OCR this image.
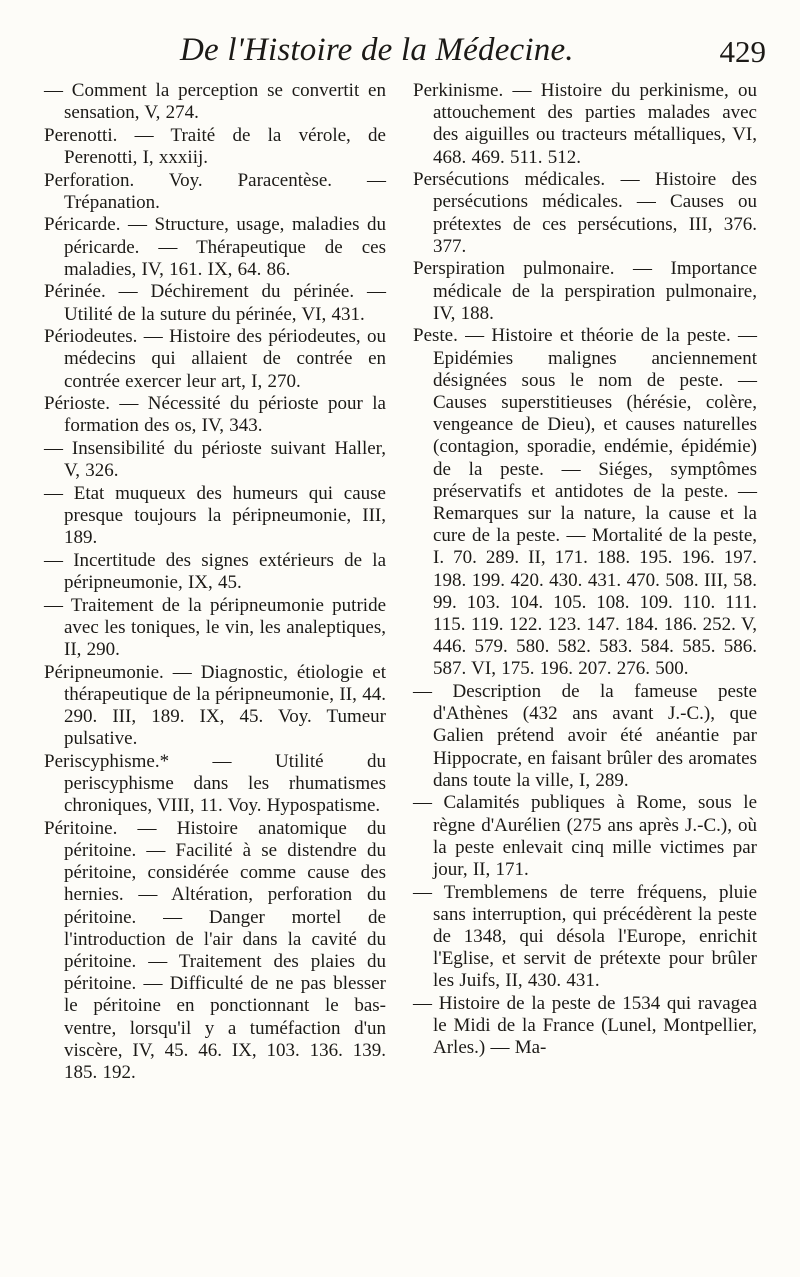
De l'Histoire de la Médecine.	429

— Comment la perception se convertit en sensation, V, 274.

Perenotti. — Traité de la vérole, de Perenotti, I, xxxiij.

Perforation. Voy. Paracentèse. — Trépanation.

Péricarde. — Structure, usage, maladies du péricarde. — Thérapeutique de ces maladies, IV, 161. IX, 64. 86.

Périnée. — Déchirement du périnée. — Utilité de la suture du périnée, VI, 431.

Périodeutes. — Histoire des périodeutes, ou médecins qui allaient de contrée en contrée exercer leur art, I, 270.

Périoste. — Nécessité du périoste pour la formation des os, IV, 343.

— Insensibilité du périoste suivant Haller, V, 326.

— Etat muqueux des humeurs qui cause presque toujours la péripneumonie, III, 189.

— Incertitude des signes extérieurs de la péripneumonie, IX, 45.

— Traitement de la péripneumonie putride avec les toniques, le vin, les analeptiques, II, 290.

Péripneumonie. — Diagnostic, étiologie et thérapeutique de la péripneumonie, II, 44. 290. III, 189. IX, 45. Voy. Tumeur pulsative.

Periscyphisme.* — Utilité du periscyphisme dans les rhumatismes chroniques, VIII, 11. Voy. Hypospatisme.

Péritoine. — Histoire anatomique du péritoine. — Facilité à se distendre du péritoine, considérée comme cause des hernies. — Altération, perforation du péritoine. — Danger mortel de l'introduction de l'air dans la cavité du péritoine. — Traitement des plaies du péritoine. — Difficulté de ne pas blesser le péritoine en ponctionnant le bas-ventre, lorsqu'il y a tuméfaction d'un viscère, IV, 45. 46. IX, 103. 136. 139. 185. 192.

Perkinisme. — Histoire du perkinisme, ou attouchement des parties malades avec des aiguilles ou tracteurs métalliques, VI, 468. 469. 511. 512.

Persécutions médicales. — Histoire des persécutions médicales. — Causes ou prétextes de ces persécutions, III, 376. 377.

Perspiration pulmonaire. — Importance médicale de la perspiration pulmonaire, IV, 188.

Peste. — Histoire et théorie de la peste. — Epidémies malignes anciennement désignées sous le nom de peste. — Causes superstitieuses (hérésie, colère, vengeance de Dieu), et causes naturelles (contagion, sporadie, endémie, épidémie) de la peste. — Siéges, symptômes préservatifs et antidotes de la peste. — Remarques sur la nature, la cause et la cure de la peste. — Mortalité de la peste, I. 70. 289. II, 171. 188. 195. 196. 197. 198. 199. 420. 430. 431. 470. 508. III, 58. 99. 103. 104. 105. 108. 109. 110. 111. 115. 119. 122. 123. 147. 184. 186. 252. V, 446. 579. 580. 582. 583. 584. 585. 586. 587. VI, 175. 196. 207. 276. 500.

— Description de la fameuse peste d'Athènes (432 ans avant J.-C.), que Galien prétend avoir été anéantie par Hippocrate, en faisant brûler des aromates dans toute la ville, I, 289.

— Calamités publiques à Rome, sous le règne d'Aurélien (275 ans après J.-C.), où la peste enlevait cinq mille victimes par jour, II, 171.

— Tremblemens de terre fréquens, pluie sans interruption, qui précédèrent la peste de 1348, qui désola l'Europe, enrichit l'Eglise, et servit de prétexte pour brûler les Juifs, II, 430. 431.

— Histoire de la peste de 1534 qui ravagea le Midi de la France (Lunel, Montpellier, Arles.) — Ma-
